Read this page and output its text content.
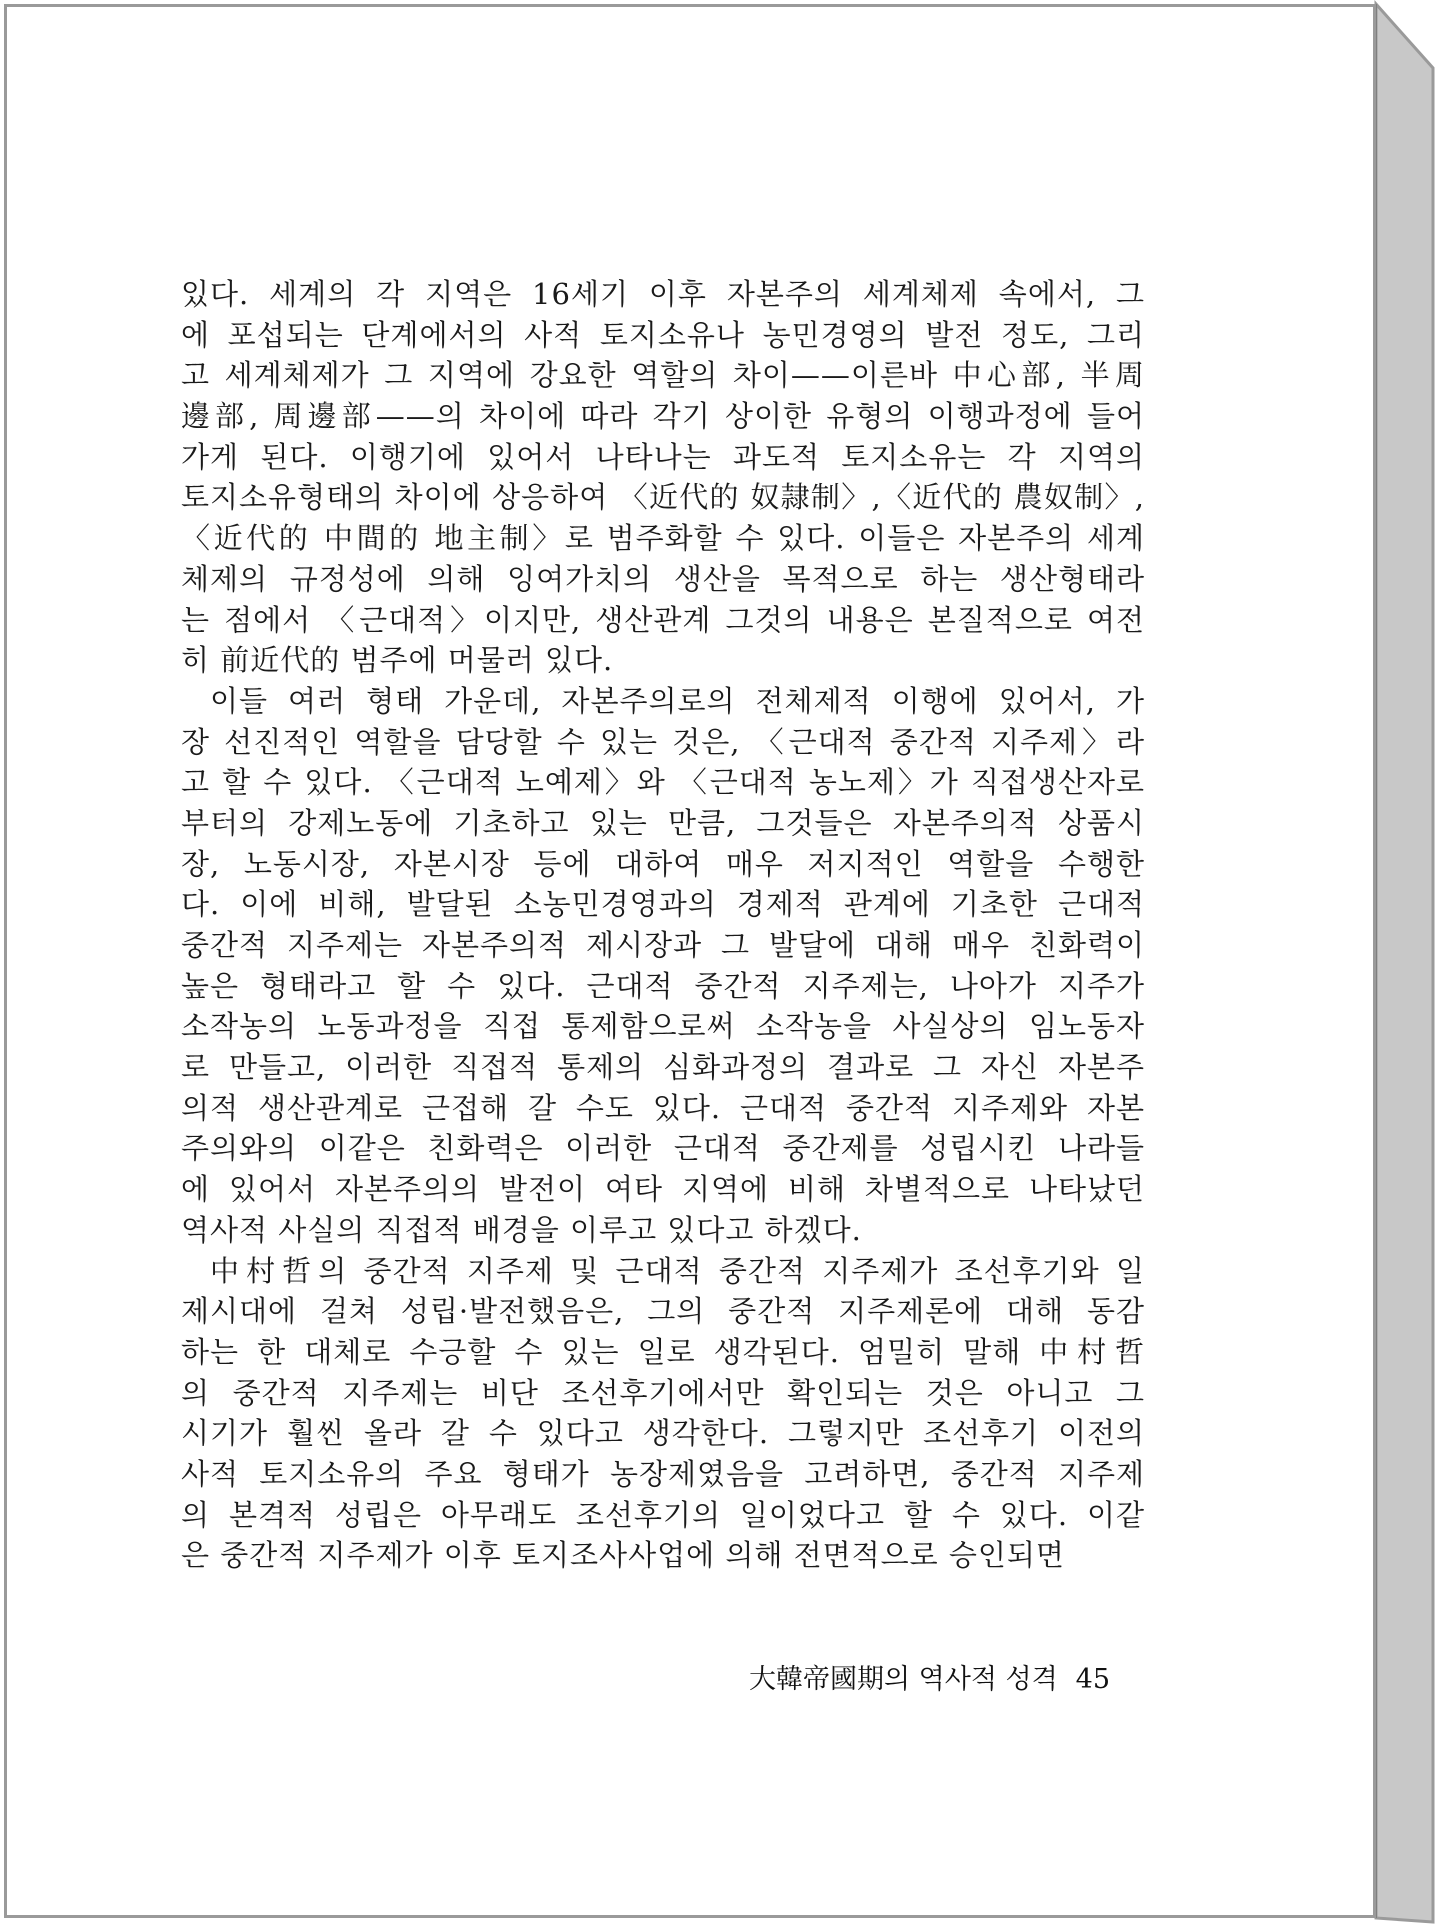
있다. 세계의 각 지역은 16세기 이후 자본주의 세계체제 속에서, 그
에 포섭되는 단계에서의 사적 토지소유나 농민경영의 발전 정도, 그리
고 세계체제가 그 지역에 강요한 역할의 차이——이른바 中心部, 半周
邊部, 周邊部——의 차이에 따라 각기 상이한 유형의 이행과정에 들어
가게 된다. 이행기에 있어서 나타나는 과도적 토지소유는 각 지역의
토지소유형태의 차이에 상응하여 〈近代的 奴隷制〉,〈近代的 農奴制〉,
〈近代的 中間的 地主制〉로 범주화할 수 있다. 이들은 자본주의 세계
체제의 규정성에 의해 잉여가치의 생산을 목적으로 하는 생산형태라
는 점에서 〈근대적〉이지만, 생산관계 그것의 내용은 본질적으로 여전
히 前近代的 범주에 머물러 있다.
이들 여러 형태 가운데, 자본주의로의 전체제적 이행에 있어서, 가
장 선진적인 역할을 담당할 수 있는 것은, 〈근대적 중간적 지주제〉라
고 할 수 있다. 〈근대적 노예제〉와 〈근대적 농노제〉가 직접생산자로
부터의 강제노동에 기초하고 있는 만큼, 그것들은 자본주의적 상품시
장, 노동시장, 자본시장 등에 대하여 매우 저지적인 역할을 수행한
다. 이에 비해, 발달된 소농민경영과의 경제적 관계에 기초한 근대적
중간적 지주제는 자본주의적 제시장과 그 발달에 대해 매우 친화력이
높은 형태라고 할 수 있다. 근대적 중간적 지주제는, 나아가 지주가
소작농의 노동과정을 직접 통제함으로써 소작농을 사실상의 임노동자
로 만들고, 이러한 직접적 통제의 심화과정의 결과로 그 자신 자본주
의적 생산관계로 근접해 갈 수도 있다. 근대적 중간적 지주제와 자본
주의와의 이같은 친화력은 이러한 근대적 중간제를 성립시킨 나라들
에 있어서 자본주의의 발전이 여타 지역에 비해 차별적으로 나타났던
역사적 사실의 직접적 배경을 이루고 있다고 하겠다.
中村哲의 중간적 지주제 및 근대적 중간적 지주제가 조선후기와 일
제시대에 걸쳐 성립·발전했음은, 그의 중간적 지주제론에 대해 동감
하는 한 대체로 수긍할 수 있는 일로 생각된다. 엄밀히 말해 中村哲
의 중간적 지주제는 비단 조선후기에서만 확인되는 것은 아니고 그
시기가 훨씬 올라 갈 수 있다고 생각한다. 그렇지만 조선후기 이전의
사적 토지소유의 주요 형태가 농장제였음을 고려하면, 중간적 지주제
의 본격적 성립은 아무래도 조선후기의 일이었다고 할 수 있다. 이같
은 중간적 지주제가 이후 토지조사사업에 의해 전면적으로 승인되면
大韓帝國期의 역사적 성격 45
